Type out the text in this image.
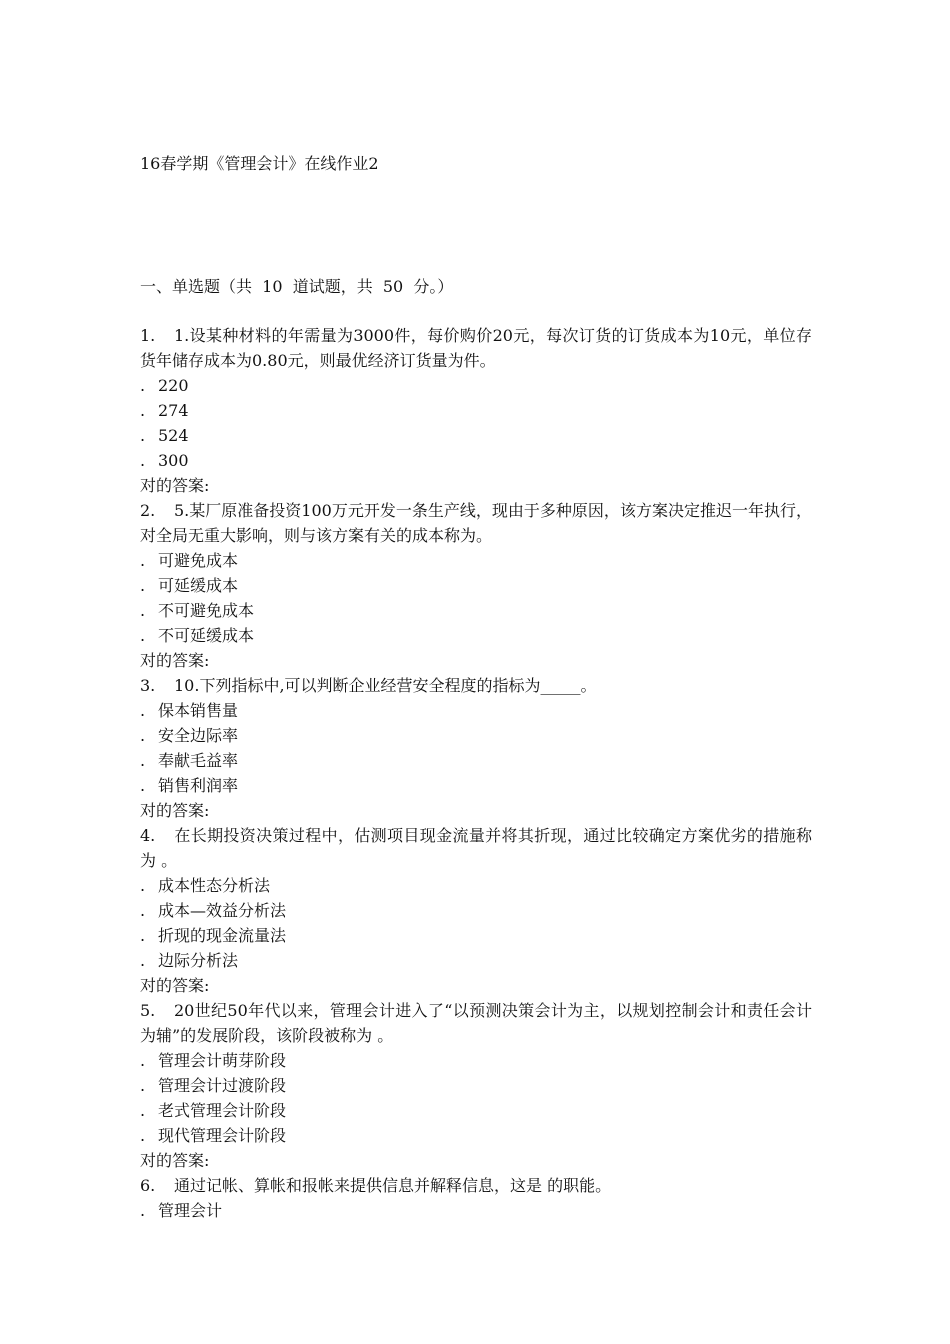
16春学期《管理会计》在线作业2
一、单选题（共  10  道试题，共  50  分。）
1. 1.设某种材料的年需量为3000件，每价购价20元，每次订货的订货成本为10元，单位存货年储存成本为0.80元，则最优经济订货量为件。
. 220
. 274
. 524
. 300
对的答案:
2. 5.某厂原准备投资100万元开发一条生产线，现由于多种原因，该方案决定推迟一年执行，对全局无重大影响，则与该方案有关的成本称为。
. 可避免成本
. 可延缓成本
. 不可避免成本
. 不可延缓成本
对的答案:
3. 10.下列指标中,可以判断企业经营安全程度的指标为_____。
. 保本销售量
. 安全边际率
. 奉献毛益率
. 销售利润率
对的答案:
4. 在长期投资决策过程中，估测项目现金流量并将其折现，通过比较确定方案优劣的措施称为 。
. 成本性态分析法
. 成本—效益分析法
. 折现的现金流量法
. 边际分析法
对的答案:
5. 20世纪50年代以来，管理会计进入了“以预测决策会计为主，以规划控制会计和责任会计为辅”的发展阶段，该阶段被称为 。
. 管理会计萌芽阶段
. 管理会计过渡阶段
. 老式管理会计阶段
. 现代管理会计阶段
对的答案:
6. 通过记帐、算帐和报帐来提供信息并解释信息，这是 的职能。
. 管理会计
